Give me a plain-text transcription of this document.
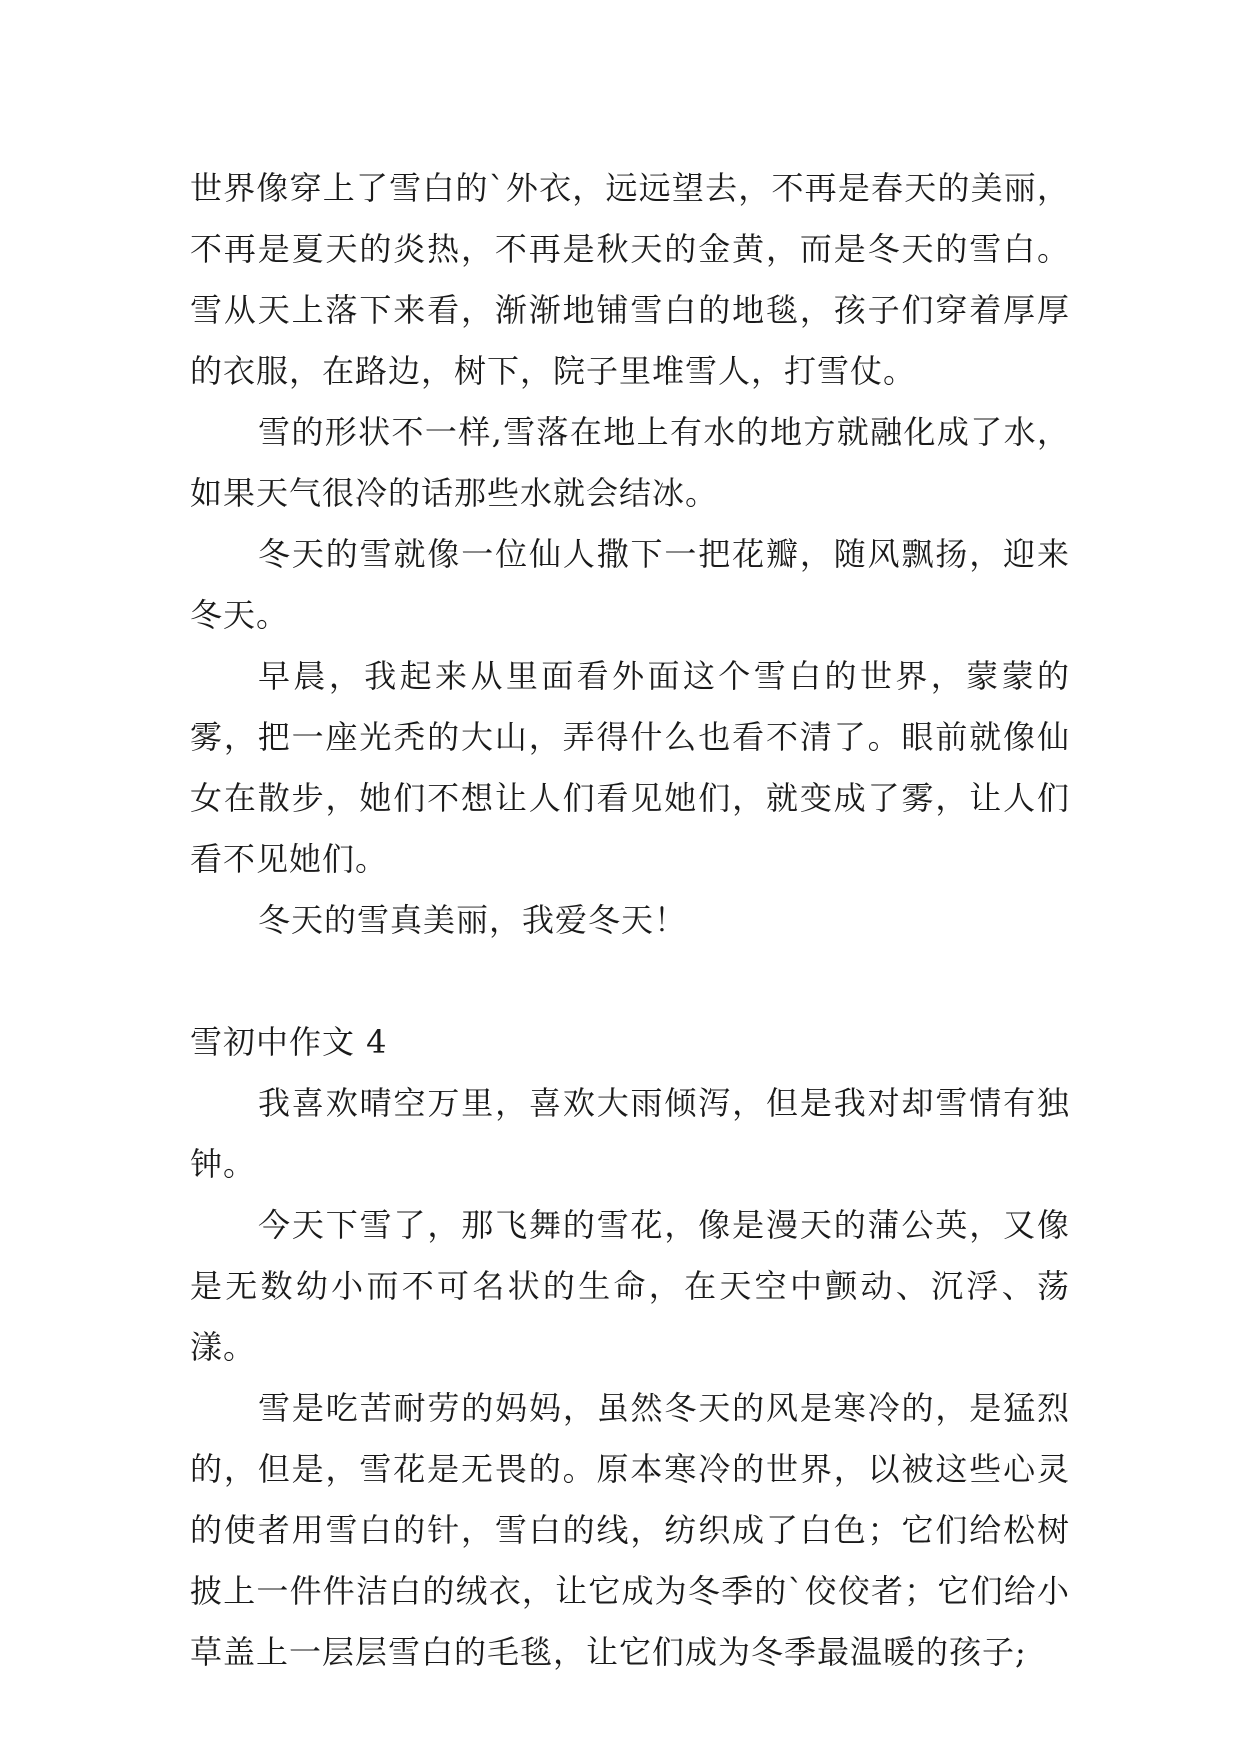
世界像穿上了雪白的`外衣，远远望去，不再是春天的美丽，不再是夏天的炎热，不再是秋天的金黄，而是冬天的雪白。雪从天上落下来看，渐渐地铺雪白的地毯，孩子们穿着厚厚的衣服，在路边，树下，院子里堆雪人，打雪仗。

雪的形状不一样,雪落在地上有水的地方就融化成了水，如果天气很冷的话那些水就会结冰。

冬天的雪就像一位仙人撒下一把花瓣，随风飘扬，迎来冬天。

早晨，我起来从里面看外面这个雪白的世界，蒙蒙的雾，把一座光秃的大山，弄得什么也看不清了。眼前就像仙女在散步，她们不想让人们看见她们，就变成了雾，让人们看不见她们。

冬天的雪真美丽，我爱冬天！

雪初中作文 4

我喜欢晴空万里，喜欢大雨倾泻，但是我对却雪情有独钟。

今天下雪了，那飞舞的雪花，像是漫天的蒲公英，又像是无数幼小而不可名状的生命，在天空中颤动、沉浮、荡漾。

雪是吃苦耐劳的妈妈，虽然冬天的风是寒冷的，是猛烈的，但是，雪花是无畏的。原本寒冷的世界，以被这些心灵的使者用雪白的针，雪白的线，纺织成了白色；它们给松树披上一件件洁白的绒衣，让它成为冬季的`佼佼者；它们给小草盖上一层层雪白的毛毯，让它们成为冬季最温暖的孩子;
